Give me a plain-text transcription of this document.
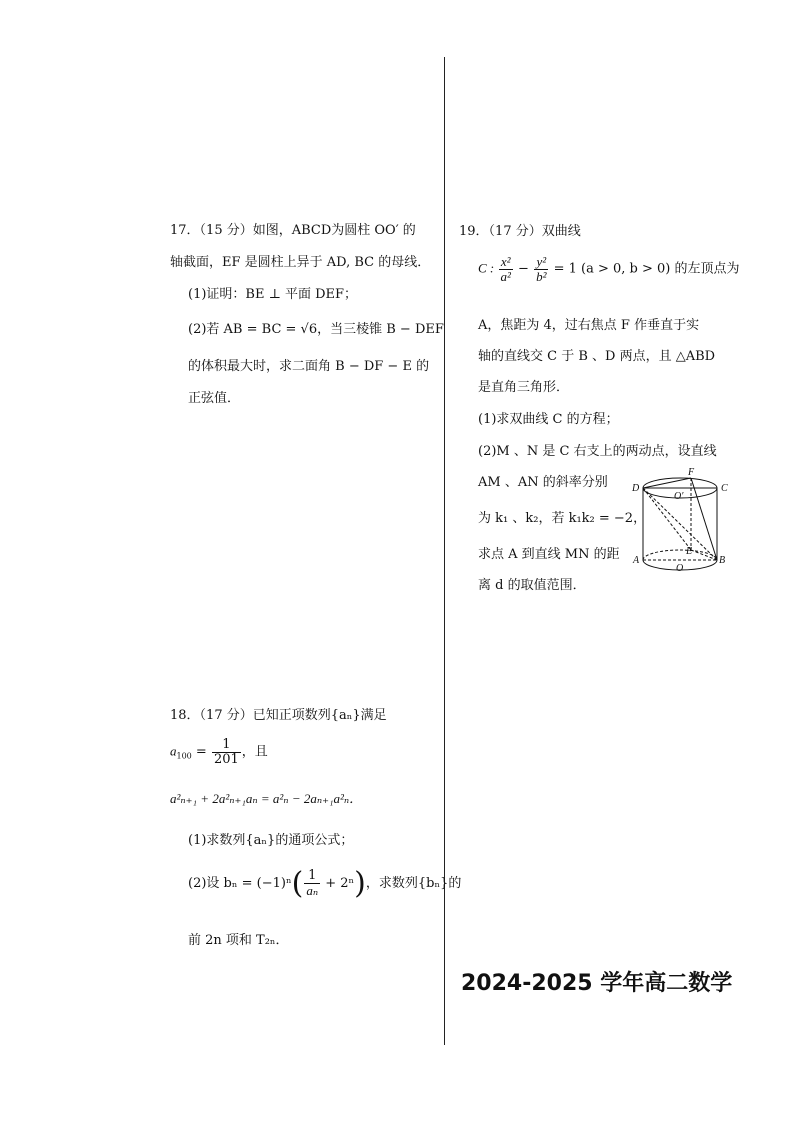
17．（15 分）如图，ABCD为圆柱 OO′ 的
轴截面，EF 是圆柱上异于 AD, BC 的母线．
(1)证明：BE ⊥ 平面 DEF；
(2)若 AB = BC = √6，当三棱锥 B − DEF
的体积最大时，求二面角 B − DF − E 的
正弦值．
18．（17 分）已知正项数列{aₙ}满足
$a_{100} = \frac{1}{201}$ ，且
a²ₙ₊₁ + 2a²ₙ₊₁aₙ = a²ₙ − 2aₙ₊₁a²ₙ．
(1)求数列{aₙ}的通项公式；
(2)设 $b_n = (-1)^n( \frac{1}{\text{aₙ}} + 2^n)$，求数列{bₙ}的
前 2n 项和 T₂ₙ．
19．（17 分）双曲线
C : $\frac{\text{x²}}{\text{a²}} - \frac{\text{y²}}{\text{b²}} = 1$ (a > 0, b > 0) 的左顶点为
A，焦距为 4，过右焦点 F 作垂直于实
轴的直线交 C 于 B 、D 两点，且 △ABD
是直角三角形．
(1)求双曲线 C 的方程；
(2)M 、N 是 C 右支上的两动点，设直线
AM 、AN 的斜率分别
为 k₁ 、k₂，若 k₁k₂ = −2，
求点 A 到直线 MN 的距
离 d 的取值范围．
D	C
F
O′
E
A	B
O
2024-2025 学年高二数学
